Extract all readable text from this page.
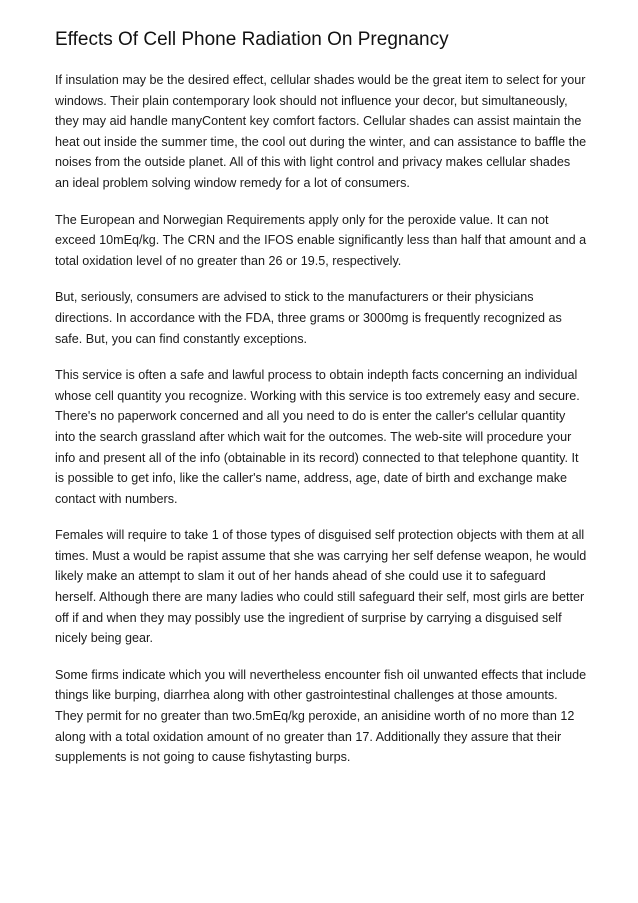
Effects Of Cell Phone Radiation On Pregnancy

If insulation may be the desired effect, cellular shades would be the great item to select for your windows. Their plain contemporary look should not influence your decor, but simultaneously, they may aid handle manyContent key comfort factors. Cellular shades can assist maintain the heat out inside the summer time, the cool out during the winter, and can assistance to baffle the noises from the outside planet. All of this with light control and privacy makes cellular shades an ideal problem solving window remedy for a lot of consumers.

The European and Norwegian Requirements apply only for the peroxide value. It can not exceed 10mEq/kg. The CRN and the IFOS enable significantly less than half that amount and a total oxidation level of no greater than 26 or 19.5, respectively.

But, seriously, consumers are advised to stick to the manufacturers or their physicians directions. In accordance with the FDA, three grams or 3000mg is frequently recognized as safe. But, you can find constantly exceptions.

This service is often a safe and lawful process to obtain indepth facts concerning an individual whose cell quantity you recognize. Working with this service is too extremely easy and secure. There's no paperwork concerned and all you need to do is enter the caller's cellular quantity into the search grassland after which wait for the outcomes. The web-site will procedure your info and present all of the info (obtainable in its record) connected to that telephone quantity. It is possible to get info, like the caller's name, address, age, date of birth and exchange make contact with numbers.

Females will require to take 1 of those types of disguised self protection objects with them at all times. Must a would be rapist assume that she was carrying her self defense weapon, he would likely make an attempt to slam it out of her hands ahead of she could use it to safeguard herself. Although there are many ladies who could still safeguard their self, most girls are better off if and when they may possibly use the ingredient of surprise by carrying a disguised self nicely being gear.

Some firms indicate which you will nevertheless encounter fish oil unwanted effects that include things like burping, diarrhea along with other gastrointestinal challenges at those amounts. They permit for no greater than two.5mEq/kg peroxide, an anisidine worth of no more than 12 along with a total oxidation amount of no greater than 17. Additionally they assure that their supplements is not going to cause fishytasting burps.
